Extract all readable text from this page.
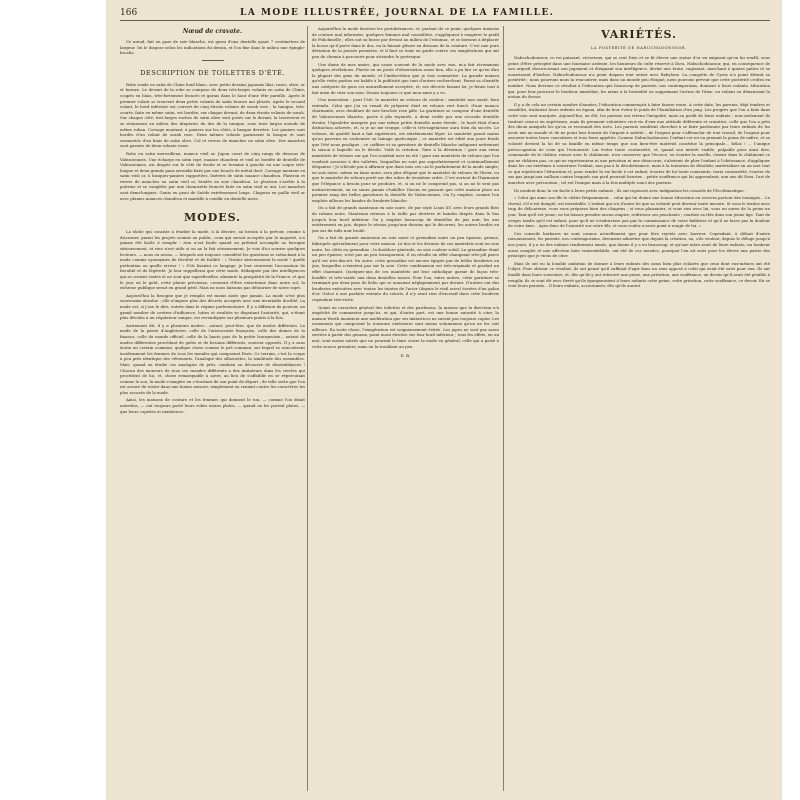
166	LA MODE ILLUSTRÉE, JOURNAL DE LA FAMILLE.
Nœud de cravate.

Ce nœud, fait en gaze de soie blanche, est garni d'une dentelle ayant 7 centimètres de largeur. On le dispose selon les indications du dessin, et l'on fixe dans le milieu une épingle-broche.

DESCRIPTION DE TOILETTES D'ÉTÉ.

Robe ronde en satin de Chine fond blanc, avec petits dessins japonais lilas, roses, olive, or et bronze. Le devant de la robe se compose de deux très-larges volants en satin de Chine, coupés en biais, très-fortement froncés et garnis dans le haut d'une tête pareille. Après le premier volant se trouvent deux petits volants de satin bronze uni plissés. Après le second volant, le bord inférieur est couvert de cinq étroits volants de surah rose ; la tunique, très-courte, faite en même satin, est bordée, sur chaque devant, de deux étroits volants de surah. Sur chaque côté, très-larges ruches de satin olive sont posés sur le devant, la traversent et se réunissent au milieu des draperies du dos de la tunique, sous trois larges noeuds de même ruban. Corsage montant, à paniers sur les côtés, à basque derrière. Les paniers sont bordés d'un volant de surah rose. Deux mêmes volants garnissent la basque et sont surmontés d'un biais de satin olive. Col et revers de manches en satin olive. Des manches sont garnies de deux volants roses.

Robe en satin merveilleux, nuance vieil or. Jupon court de cinq rangs de dessous de Valenciennes. Une écharpe en satin rayé, nuance chaudron et vieil or, bordée de dentelle de Valenciennes, est drapée sur le côté de droite et se termine à gauche en une coque très-longue et deux grands pans arrondis fixés par une boucle de métal doré. Corsage montant en satin vieil or, à basques-paniers rapportées, lisérées de satin nuance chaudron. Plastron et revers de manches en satin vieil or, brodés en soie chaudron. Le plastron s'arrête à la poitrine et se complète par une chemisette froncée faite en satin vieil or uni. Les manches sont demi-longues. Gants en peau de Suède extrêmement longs. Chapeau en paille vieil or avec plumes nuances chaudron et mantille à cueillir en dentelle noire.

MODES.

La tâche qui consiste à étudier la mode, à la décrire, au besoin à la prévoir, comme à discerner, parmi les projets soumis au public, ceux qui seront acceptés par la majorité, n'a jamais été facile à remplir : rien n'est facile quand on prétend accomplir sa besogne sérieusement, et rien n'est utile si on ne la fait sérieusement. Je vois d'ici sourire quelques lecteurs, — nous en avons, — lesquels ont toujours considéré les questions se rattachant à la mode comme synonymes de frivolité et de futilité : « Traiter sérieusement la mode ! quelle prétention ou quelle erreur ! » S'ils lisaient ce langage, je leur renverrai l'accusation de frivolité et de légèreté. Je leur rappellerai que cette mode, dédaignée par des intelligences qui se croient vastes et ne sont que superficielles, alimente la prospérité de la France, et que le jour où le goût, cette plante précieuse, cesserait d'être entretenue dans notre sol, la richesse publique serait en grand péril. Mais ne nous laissons pas détourner de notre sujet.

Aujourd'hui la besogne que je remplis est moins aisée que jamais. La mode n'est plus souveraine absolue ; elle n'impose plus des décrets acceptés avec une invariable docilité. La mode est, si j'ose le dire, entrée dans le régime parlementaire. Il y a diffusion de pouvoir, un grand nombre de centres d'influence, luttes et rivalités se disputant l'autorité, qui, n'étant plus dévolue à un régulateur unique, est revendiquée sur plusieurs points à la fois.

Autrement dit, il y a plusieurs modes... autant, peut-être, que de modes différents. La mode de la patrie d'Angleterre, celle de l'aristocratie française, celle des dames de la finance, celle du monde officiel, celle de la haute pois de la petite bourgeoisie... autant de modes différentes procédant de goûts et de besoins différents, souvent opposés. Il y a sans doute un certain commun, quelque chose comme le pré commun, sur lequel se rencontrent incidemment les femmes de tous les mondes qui composent Paris. Ce terrain, c'est la coupe à peu près identique des vêtements, l'analogie des silhouettes, la similitude des ensembles. Mais, quand on étudie ces analogies de près, combien on découvre de dissemblances ! Chacun des meneurs de tous ces mondes différents a des imitateurs dans les cercles qui procèdent de lui, et, chose remarquable à noter, au lieu de s'affaiblir en se répercutant comme le son, la mode s'exagère en s'écartant de son point de départ ; de telle sorte que l'on est assuré de rester dans une bonne mesure, simplement en reniant contre les caractères les plus accusés de la mode.

Ainsi, les maisons de couture et les femmes qui donnent le ton, — comme l'on disait autrefois, — ont toujours porté leurs robes moins plates, — quand on les portait plates, — que leurs copistes et imitatrices.

Aujourd'hui la mode favorise les protubérances, et, partant de ce point, quelques maisons de couture mal informées, quelques femmes mal conseillées, s'appliquent à exagérer le profil de Polichinelle ; elles ont su bosse par devant au milieu de l'estomac, et se bornent à déplacer la bosse qu'il porte dans le dos, en la faisant glisser en dessous de la ceinture. C'est une pure déviation de la pensée première, et il faut se tenir en garde contre ces exagérations qui ont peu de chemin à parcourir pour atteindre le grotesque.

Une dame de mes amies, qui cause souvent de la mode avec moi, m'a fait récemment quelques révélations. Placée en un poste d'observation assez bon, elle a pu lire ce qu'en dira la plupart des gens du monde, et l'indiscrétion que je vais commettre. La grande maison qu'elle visite parfois est habile à la publicité que tant d'autres recherchent. Parmi sa clientèle une catégorie de gens est naturellement acceptée, et, ses décrets faisant loi, je ferais tout à fait mien de citer son nom. Disons toujours ce que mon amie y a vu.

Une innovation : pour l'été, le mantelet en velours de couleur ; mantelet non ouaté, bien entendu. Celui que j'ai vu venait de préparer était en velours vert foncé, d'une nuance charmante, avec doublure de soie brochée rose pâle. La garniture se compose d'une dentelle de Valenciennes blanche, posée à plis tuyautés, à demi voilée par une seconde dentelle étroite, l'épaulette marquée par une même petite dentelle noire étroite ; le bord était d'une distinction achevée, et, si je ne me trompe, celle-ci très-ingénieuse aura bien du succès. Le velours, de qualité haut à fait supérieure, est extrêmement léger. Le mantelet posait moins qu'au parvenu en cachemire ou lainage quelconque ; ce mantelet est édité aux jours froids que l'été nous prodigue ; ce coiffure et sa garniture de dentelle blanche indiquent nettement la saison à laquelle on le dévolu. Voilà la création. Gare à la déviation ! gare aux vieux mantelets de velours sur qui l'on voudrait user en été ! gare aux mantelets de velours que l'on voudrait associer à des toilettes, lesquelles ne sont pas superlativement et continuellement élégantes ! Je n'hésite pas à affirmer que dans tous ces cas le parfaitement de la mode simple, en soie noire, même en laine noire, sera plus élégant que le mantelet de velours de l'hiver, ou que le mantelet de velours porté sur des robes de troisième ordre. C'est surtout de l'harmonie que l'élégance a besoin pour se produire, et, si on ne le comprend pas, si on ne le sent pas instinctivement, on ne saura jamais s'habiller. Disons en passant que cette maison place au premier rang des belles garnitures la dentelle de Valenciennes. On l'y emploie, comme l'on emploie ailleurs les bandes de broderie blanche.

On a fait de grands manteaux en soie noire, de pur style Louis XV, avec leurs grands flots de rubans noirs. Manteaux retenus à la taille par derrière et bandes drapés dans le bas jusqu'à leur bord inférieur. On y emploie beaucoup de dentelles de jais noir, les uns entièrement en jais, depuis le réseau jusqu'aux dessins qui le décorent, les autres brodés en jais sur du tulle noir brodé.

On a fait de grands manteaux en soie noire et grenadine noire un peu épaisse, grenus, fabriqués spécialement pour cette maison. Le dos et les devants de ces mantelets sont en soie noire, les côtés en grenadine ; la doublure générale, en soie couleur soleil. La grenadine étant un peu épaisse, n'est pas un peu transparente, il en résulte un effet changeant très-joli parce qu'il est très-discret. En outre, cette grenadine est encore égayée par de belles broderies en jais, lesquelles n'existent pas sur la soie. Cette combinaison est très-originale et produit un effet charmant. Quelques-uns de ces mantelets ont leur catholique garnie de façon très-bouffée et très-variée aux deux dentelles noires. Pour l'un, entre autres, cette garniture se terminait par deux paes de fichu qui se nouaient négligemment par devant. D'autres ont des broderies exécutées avec toutes les teintes de l'acier (depuis le vieil acier) écriées d'un galon d'or. Grâce à une parfaite entente du coloris, il n'y avait rien d'excessif dans cette broderie cependant très-riche.

Quant au caractère général des toilettes et des pardessus, la maison que la direction n'a empêché de commenter jusqu'ici, et qui, d'autre part, est une bonne autorité à citer, la maison Worth maintient une modération que ses imitatrices ne savent pas toujours copier. Les ornements qui composent la tournure extérieure sont moins volumineux qu'on ne les voit ailleurs. En toute chose, l'exagération est soigneusement évitée. Les jupes ne sont pas assez serrées à partir des genoux, point aussi étroites sur leur bord inférieur ; tous les effets, en un mot, sont moins outrés que ne pourrait le faire croire la mode en général, celle qui a porté à cette source première, mais en la troublant au peu.

E. R.
VARIÉTÉS.
LA POSTÉRITÉ DE NABUCHODONOSOR.

Nabuchodonosor, ce roi puissant, victorieux, qui se crut Dieu et se fit élever une statue d'or en exigeant qu'on lui rendît, sous peine d'être précipité dans une fournaise ardente, les honneurs du culte réservé à Dieu, Nabuchodonosor, qui, en conséquence de son orgueil obscurcissant son jugement et éteignant son intelligence, devint une brute, rugissant, marchant à quatre pattes et se nourrissant d'herbes, Nabuchodonosor n'a point disparu tout entier avec Babylone. La conquête de Cyrus n'a point détruit sa postérité ; nous pourrons nous la rencontrer, mais dans un monde peu éloigné, nous pouvons prévoir que cette postérité croîtra en nombre. Nous devrons ce résultat à l'éducation que beaucoup de parents, nos contemporains, donnent à leurs enfants, éducation qui, pour leur procurer le bonheur immédiat, les mène à la bestialité en supprimant l'action de l'âme, en voilant ou dénaturant la notion du devoir.

Il y a de cela un certain nombre d'années, l'éducation commençait à faire fausse route. A cette date, les parents, déjà tendres et sensibles, traitaient leurs enfants en égaux, afin de leur éviter le poids de l'humiliation d'un joug. Les progrès que l'on a faits dans cette voie sont marqués. Aujourd'hui, on élit, les parents ont retenu l'inégalité, mais au profit de leurs enfants ; non-seulement ils traitent ceux-ci en supérieurs, mais ils prennent volontiers vis-à-vis d'eux une attitude déférente et craintive, celle que l'on a près des dieux auxquels les qu'on se reconnaît des torts. Les parents semblent chercher à se faire pardonner par leurs enfants de les avoir mis au monde et de ne point leur fournir de l'argent à satiété... de l'argent pour s'affranchir de tout travail, de l'argent pour assouvir toutes leurs convoitises et tous leurs appétits. Comme Nabuchodonosor, l'enfant est roi en prenant la peine de naître, et sa volonté devient la loi de sa famille en même temps que son bien-être matériel constitue la principale... hélas ! ... l'unique préoccupation de ceux qui l'entourent. Lui éviter toute contrariété, et, quand son intérêt visible, palpable pour ainsi dire, commande de le châtier, reuser avec le châtiment, n'en conserver que l'écorce, en écarter la moëlle, choisir dans le châtiment ce qui ne châtiera pas, ce qui ne représentera ni une privation ni une désaccrue, s'abstenir de plier l'enfant à l'obéissance, d'appliquer dans les cas extrêmes à soustraire l'enfant, non pas à la désobéissance, mais à la tentation de désobéir, matérialiser en un mot tout ce qui représente l'éducation et, pour rendre la vie facile à cet enfant, écarter de lui toute contrainte, toute contrariété, écarter de ses pas jusqu'aux cailloux contre lesquels son pied pourrait heurter... petite souffrance qui lui apprendrait, aux uns dit Dieu, l'art de marcher avec précaution ; tel est l'unique mais à la fois multiple souci des parents.

Ils rendent donc la vie facile à leurs petits enfants ; ils ont repoussé avec indignation les conseils de l'Ecclésiastique :

« Celui qui aime son fils le châtie fréquemment... celui qui lui donne une bonne éducation en recevra partout des louanges... Le cheval, s'il n'est dompté, est intraitable. L'enfant qui n'a d'autre loi que sa volonté peut devenir toute mesure. Si vous le traitez avec trop de délicatesse, vous vous préparez bien des chagrins ; si vous plaisantez, si vous riez avec lui, vous en aurez de la peine un jour. Tant qu'il est jeune, ne lui laissez prendre aucun empire, redressez ses penchants ; courbez sa tête dans son jeune âge. Tant de verges tandis qu'il est enfant, pour qu'il ne s'endurcisse pas par la connaissance de votre faiblesse et qu'il ne fasse pas la douleur de votre âme... Ayez donc de l'autorité sur votre fils, et vous voulez n'avoir point à rougir de lui. »

Ces conseils barbares ne sont connus actuellement que pour être rejetés avec horreur. Cependant, à défaut d'autre raisonnement, les parents, nos contemporains, devraient admettre que depuis la création, ou, s'ils veulent, depuis le déluge jusqu'à nos jours, il y a eu des enfants tendrement aimés, que donne il y a eu beaucoup, et qu'une mère avait de leurs enfants, un bonheur aussi complet et une affection bien vraisemblable, ont été de ces mondes, pourquoi l'on ait suivi pour les élever une partie des principes que je viens de citer.

Mais ils ont eu la louable ambition de donner à leurs enfants des soins bien plus éclairés que ceux dont eux-mêmes ont été l'objet. Pour obtenir ce résultat, ils ont pensé qu'il suffisait d'agir dans un sens opposé à celui qui avait été suivi pour eux. Ils ont fouillé dans leurs souvenirs, et, dès qu'ils y ont retrouvé une peine, une privation, une souffrance, un devoir qu'il avait été pénible à remplir, ils se sont dit avec fierté qu'ils épargneraient à leurs enfants cette peine, cette privation, cette souffrance, ce devoir. En se vont leurs parents... Il leurs enfants, accoutumés, dès qu'ils auront
